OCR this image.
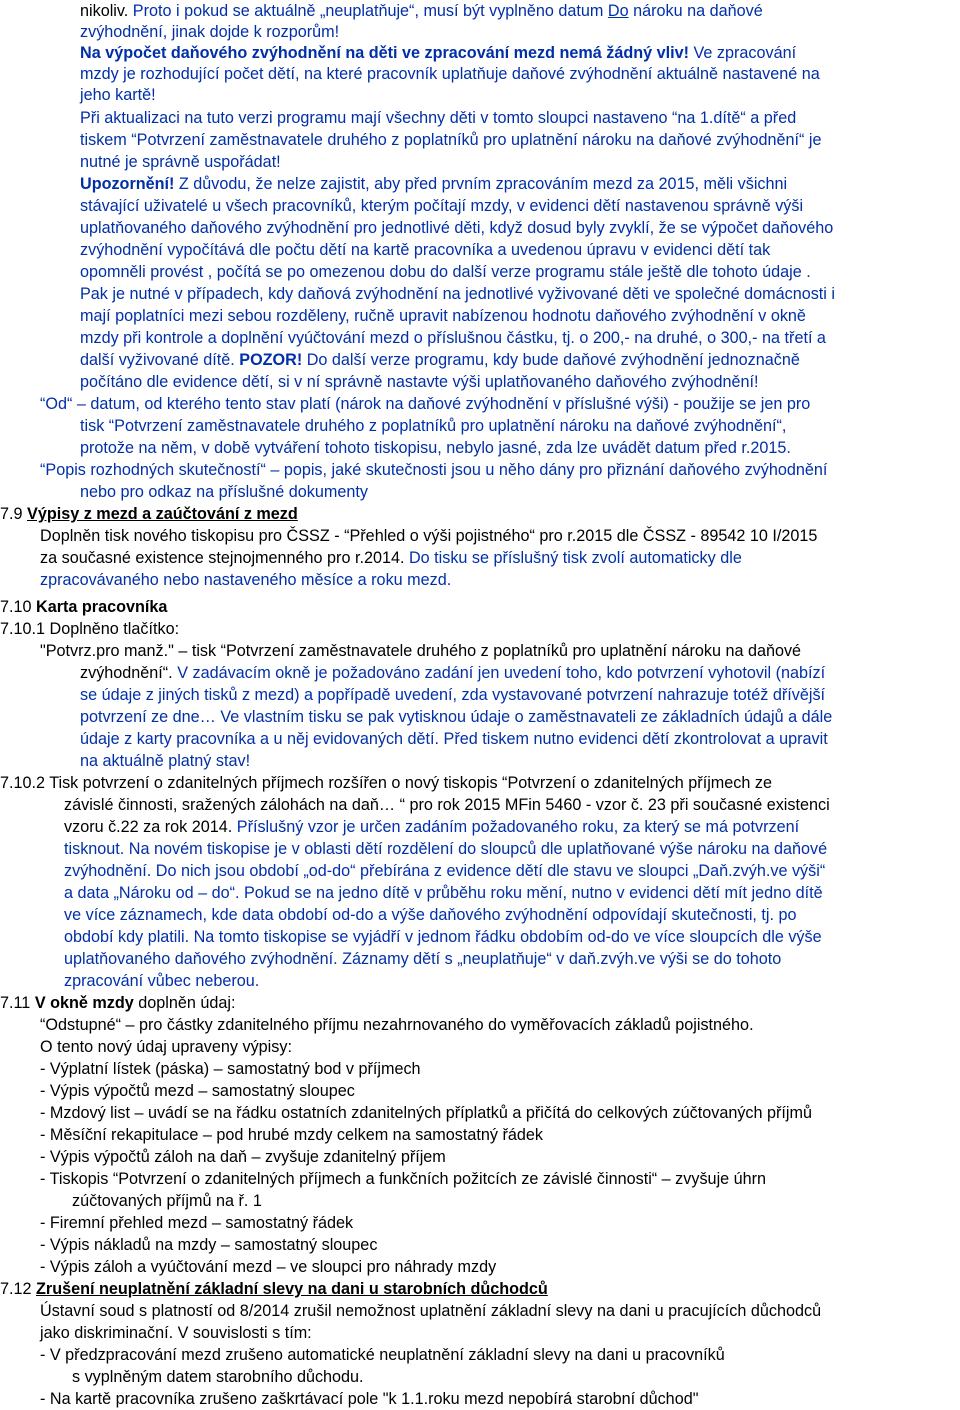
nikoliv. Proto i pokud se aktuálně „neuplatňuje“, musí být vyplněno datum Do nároku na daňové
zvýhodnění, jinak dojde k rozporům!
Na výpočet daňového zvýhodnění na děti ve zpracování mezd nemá žádný vliv! Ve zpracování
mzdy je rozhodující počet dětí, na které pracovník uplatňuje daňové zvýhodnění aktuálně nastavené na
jeho kartě!
Při aktualizaci na tuto verzi programu mají všechny děti v tomto sloupci nastaveno “na 1.dítě“ a před
tiskem “Potvrzení zaměstnavatele druhého z poplatníků pro uplatnění nároku na daňové zvýhodnění“ je
nutné je správně uspořádat!
Upozornění! Z důvodu, že nelze zajistit, aby před prvním zpracováním mezd za 2015, měli všichni
stávající uživatelé u všech pracovníků, kterým počítají mzdy, v evidenci dětí nastavenou správně výši
uplatňovaného daňového zvýhodnění pro jednotlivé děti, když dosud byly zvyklí, že se výpočet daňového
zvýhodnění vypočítává dle počtu dětí na kartě pracovníka a uvedenou úpravu v evidenci dětí tak
opomněli provést , počítá se po omezenou dobu do další verze programu stále ještě dle tohoto údaje .
Pak je nutné v případech, kdy daňová zvýhodnění na jednotlivé vyživované děti ve společné domácnosti i
mají poplatníci mezi sebou rozděleny, ručně upravit nabízenou hodnotu daňového zvýhodnění v okně
mzdy při kontrole a doplnění vyúčtování mezd o příslušnou částku, tj. o 200,- na druhé, o 300,- na třetí a
další vyživované dítě. POZOR! Do další verze programu, kdy bude daňové zvýhodnění jednoznačně
počítáno dle evidence dětí, si v ní správně nastavte výši uplatňovaného daňového zvýhodnění!
“Od“ – datum, od kterého tento stav platí (nárok na daňové zvýhodnění v příslušné výši) - použije se jen pro
tisk “Potvrzení zaměstnavatele druhého z poplatníků pro uplatnění nároku na daňové zvýhodnění“,
protože na něm, v době vytváření tohoto tiskopisu, nebylo jasné, zda lze uvádět datum před r.2015.
“Popis rozhodných skutečností“ – popis, jaké skutečnosti jsou u něho dány pro přiznání daňového zvýhodnění
nebo pro odkaz na příslušné dokumenty
7.9 Výpisy z mezd a zaúčtování z mezd
Doplněn tisk nového tiskopisu pro ČSSZ - “Přehled o výši pojistného“ pro r.2015 dle ČSSZ - 89542 10 I/2015
za současné existence stejnojmenného pro r.2014. Do tisku se příslušný tisk zvolí automaticky dle
zpracovávaného nebo nastaveného měsíce a roku mezd.
7.10 Karta pracovníka
7.10.1 Doplněno tlačítko:
"Potvrz.pro manž." – tisk “Potvrzení zaměstnavatele druhého z poplatníků pro uplatnění nároku na daňové
zvýhodnění“. V zadávacím okně je požadováno zadání jen uvedení toho, kdo potvrzení vyhotovil (nabízí
se údaje z jiných tisků z mezd) a popřípadě uvedení, zda vystavované potvrzení nahrazuje totéž dřívější
potvrzení ze dne… Ve vlastním tisku se pak vytisknou údaje o zaměstnavateli ze základních údajů a dále
údaje z karty pracovníka a u něj evidovaných dětí. Před tiskem nutno evidenci dětí zkontrolovat a upravit
na aktuálně platný stav!
7.10.2 Tisk potvrzení o zdanitelných příjmech rozšířen o nový tiskopis “Potvrzení o zdanitelných příjmech ze
závislé činnosti, sražených zálohách na daň… “ pro rok 2015 MFin 5460 - vzor č. 23 při současné existenci
vzoru č.22 za rok 2014. Příslušný vzor je určen zadáním požadovaného roku, za který se má potvrzení
tisknout. Na novém tiskopise je v oblasti dětí rozdělení do sloupců dle uplatňované výše nároku na daňové
zvýhodnění. Do nich jsou období „od-do“ přebírána z evidence dětí dle stavu ve sloupci „Daň.zvýh.ve výši“
a data „Nároku od – do“. Pokud se na jedno dítě v průběhu roku mění, nutno v evidenci dětí mít jedno dítě
ve více záznamech, kde data období od-do a výše daňového zvýhodnění odpovídají skutečnosti, tj. po
období kdy platili. Na tomto tiskopise se vyjádří v jednom řádku obdobím od-do ve více sloupcích dle výše
uplatňovaného daňového zvýhodnění. Záznamy dětí s „neuplatňuje“ v daň.zvýh.ve výši se do tohoto
zpracování vůbec neberou.
7.11 V okně mzdy doplněn údaj:
“Odstupné“ – pro částky zdanitelného příjmu nezahrnovaného do vyměřovacích základů pojistného.
O tento nový údaj upraveny výpisy:
- Výplatní lístek (páska) – samostatný bod v příjmech
- Výpis výpočtů mezd – samostatný sloupec
- Mzdový list – uvádí se na řádku ostatních zdanitelných příplatků a přičítá do celkových zúčtovaných příjmů
- Měsíční rekapitulace – pod hrubé mzdy celkem na samostatný řádek
- Výpis výpočtů záloh na daň – zvyšuje zdanitelný příjem
- Tiskopis “Potvrzení o zdanitelných příjmech a funkčních požitcích ze závislé činnosti“ – zvyšuje úhrn
zúčtovaných příjmů na ř. 1
- Firemní přehled mezd – samostatný řádek
- Výpis nákladů na mzdy – samostatný sloupec
- Výpis záloh a vyúčtování mezd – ve sloupci pro náhrady mzdy
7.12 Zrušení neuplatnění základní slevy na dani u starobních důchodců
Ústavní soud s platností od 8/2014 zrušil nemožnost uplatnění základní slevy na dani u pracujících důchodců
jako diskriminační. V souvislosti s tím:
- V předzpracování mezd zrušeno automatické neuplatnění základní slevy na dani u pracovníků
s vyplněným datem starobního důchodu.
- Na kartě pracovníka zrušeno zaškrtávací pole "k 1.1.roku mezd nepobírá starobní důchod"
